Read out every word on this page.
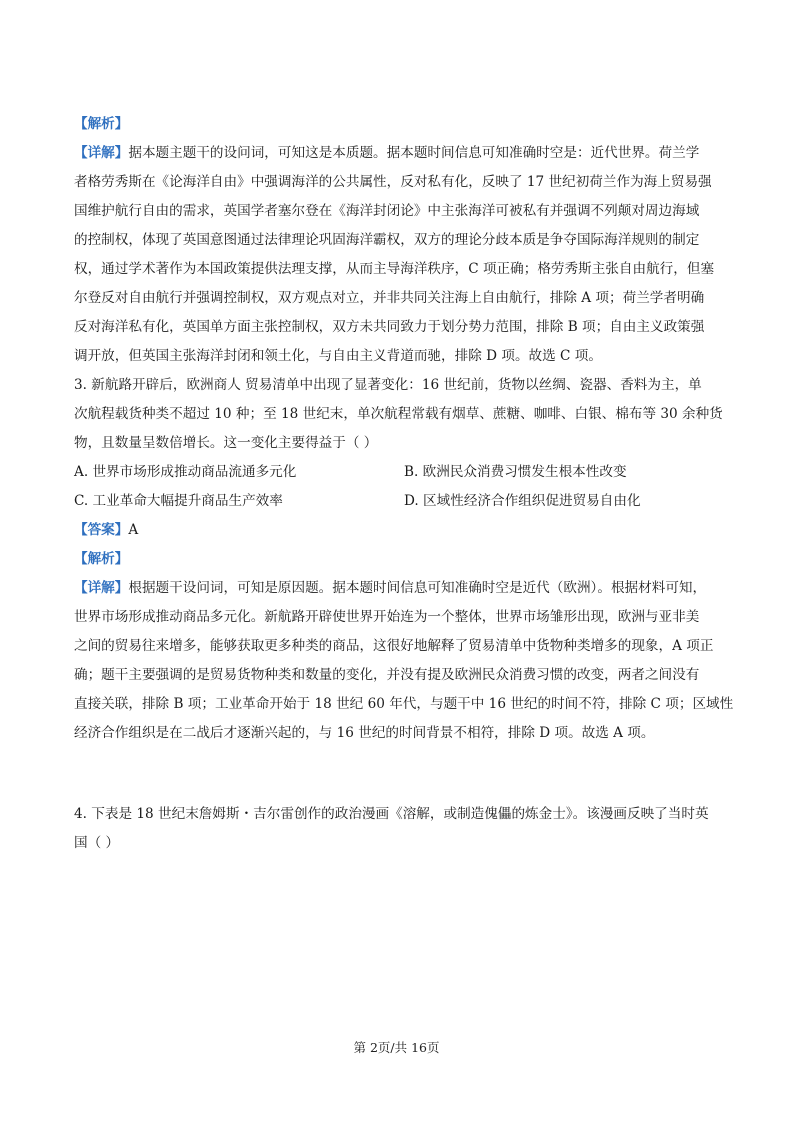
【解析】
【详解】据本题主题干的设问词，可知这是本质题。据本题时间信息可知准确时空是：近代世界。荷兰学
者格劳秀斯在《论海洋自由》中强调海洋的公共属性，反对私有化，反映了 17 世纪初荷兰作为海上贸易强
国维护航行自由的需求，英国学者塞尔登在《海洋封闭论》中主张海洋可被私有并强调不列颠对周边海域
的控制权，体现了英国意图通过法律理论巩固海洋霸权，双方的理论分歧本质是争夺国际海洋规则的制定
权，通过学术著作为本国政策提供法理支撑，从而主导海洋秩序，C 项正确；格劳秀斯主张自由航行，但塞
尔登反对自由航行并强调控制权，双方观点对立，并非共同关注海上自由航行，排除 A 项；荷兰学者明确
反对海洋私有化，英国单方面主张控制权，双方未共同致力于划分势力范围，排除 B 项；自由主义政策强
调开放，但英国主张海洋封闭和领土化，与自由主义背道而驰，排除 D 项。故选 C 项。
3. 新航路开辟后，欧洲商人 贸易清单中出现了显著变化：16 世纪前，货物以丝绸、瓷器、香料为主，单
次航程载货种类不超过 10 种；至 18 世纪末，单次航程常载有烟草、蔗糖、咖啡、白银、棉布等 30 余种货
物，且数量呈数倍增长。这一变化主要得益于（ ）
A. 世界市场形成推动商品流通多元化	B. 欧洲民众消费习惯发生根本性改变
C. 工业革命大幅提升商品生产效率	D. 区域性经济合作组织促进贸易自由化
【答案】A
【解析】
【详解】根据题干设问词，可知是原因题。据本题时间信息可知准确时空是近代（欧洲）。根据材料可知，
世界市场形成推动商品多元化。新航路开辟使世界开始连为一个整体，世界市场雏形出现，欧洲与亚非美
之间的贸易往来增多，能够获取更多种类的商品，这很好地解释了贸易清单中货物种类增多的现象，A 项正
确；题干主要强调的是贸易货物种类和数量的变化，并没有提及欧洲民众消费习惯的改变，两者之间没有
直接关联，排除 B 项；工业革命开始于 18 世纪 60 年代，与题干中 16 世纪的时间不符，排除 C 项；区域性
经济合作组织是在二战后才逐渐兴起的，与 16 世纪的时间背景不相符，排除 D 项。故选 A 项。
4. 下表是 18 世纪末詹姆斯・吉尔雷创作的政治漫画《溶解，或制造傀儡的炼金士》。该漫画反映了当时英
国（ ）
第 2页/共 16页
